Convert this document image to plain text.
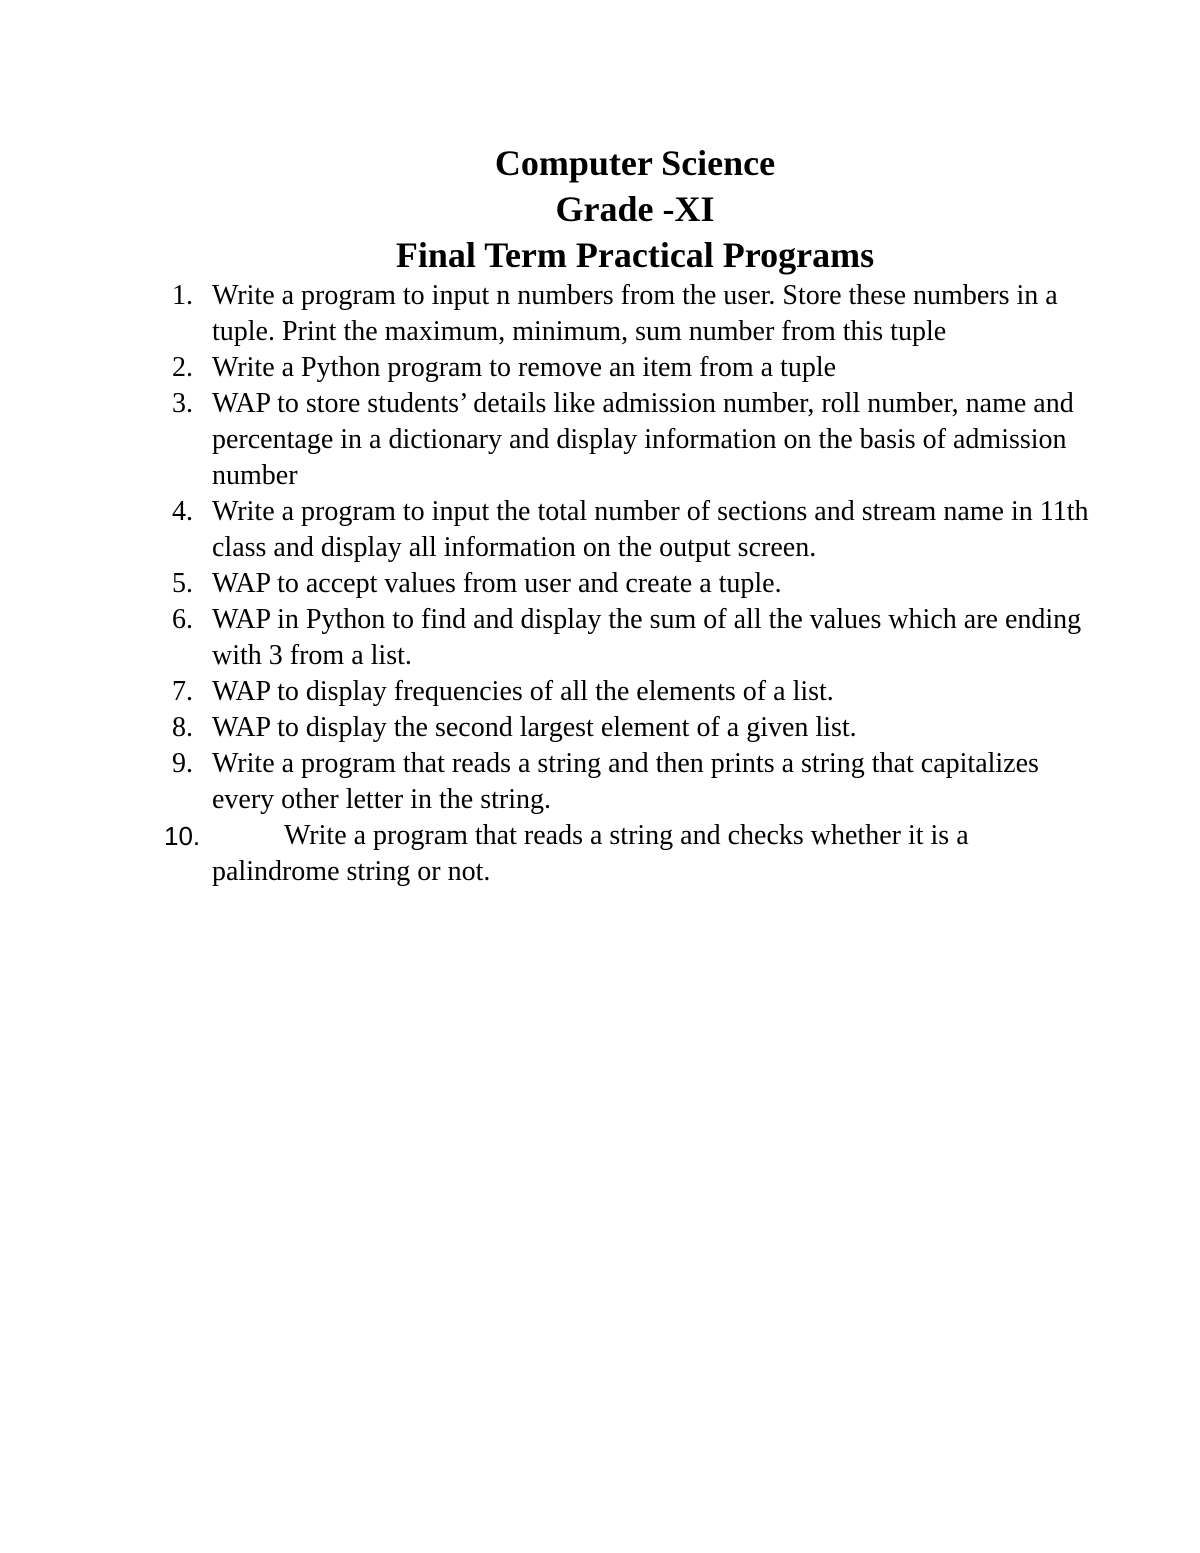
Computer Science
Grade -XI
Final Term Practical Programs
1. Write a program to input n numbers from the user. Store these numbers in a tuple. Print the maximum, minimum, sum number from this tuple
2. Write a Python program to remove an item from a tuple
3. WAP to store students’ details like admission number, roll number, name and percentage in a dictionary and display information on the basis of admission number
4. Write a program to input the total number of sections and stream name in 11th class and display all information on the output screen.
5. WAP to accept values from user and create a tuple.
6. WAP in Python to find and display the sum of all the values which are ending with 3 from a list.
7. WAP to display frequencies of all the elements of a list.
8. WAP to display the second largest element of a given list.
9. Write a program that reads a string and then prints a string that capitalizes every other letter in the string.
10.	Write a program that reads a string and checks whether it is a palindrome string or not.
